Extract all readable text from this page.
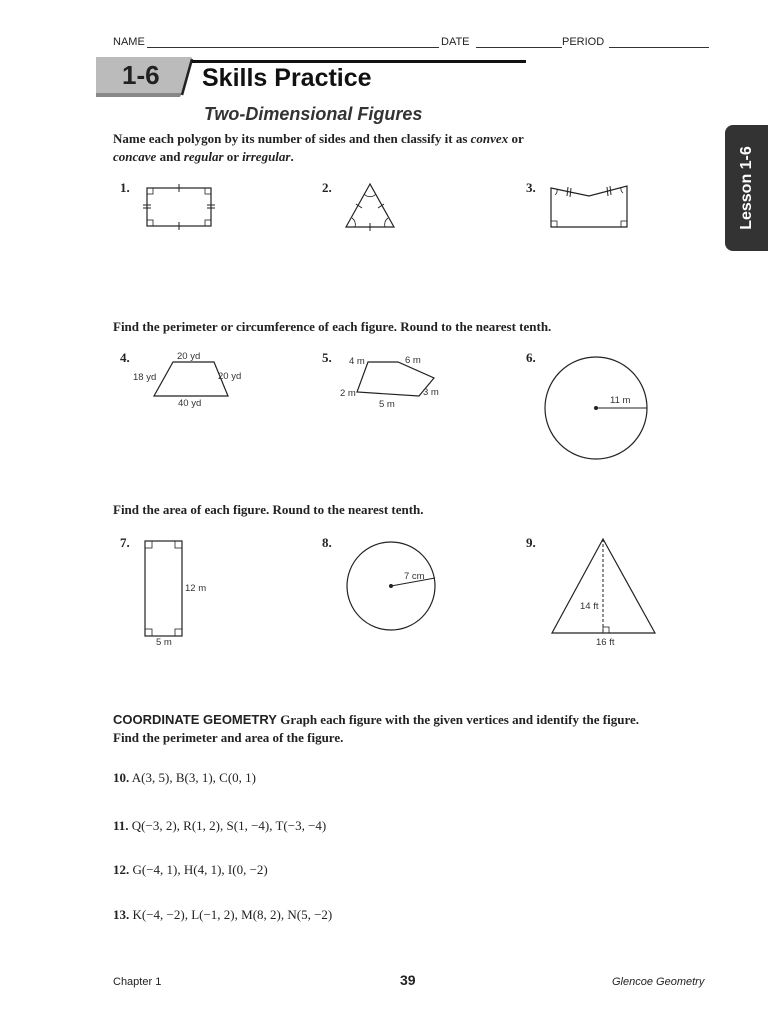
NAME	DATE	PERIOD
1-6 Skills Practice
Two-Dimensional Figures
Lesson 1-6
Name each polygon by its number of sides and then classify it as convex or
concave and regular or irregular.
1.	2.	3.
Find the perimeter or circumference of each figure. Round to the nearest tenth.
4.	5.	6.
20 yd
18 yd	20 yd
40 yd
4 m	6 m
2 m	3 m
5 m	11 m
Find the area of each figure. Round to the nearest tenth.
7.	8.	9.
12 m
5 m
7 cm
14 ft
16 ft
COORDINATE GEOMETRY Graph each figure with the given vertices and identify the figure.
Find the perimeter and area of the figure.
10. A(3, 5), B(3, 1), C(0, 1)
11. Q(−3, 2), R(1, 2), S(1, −4), T(−3, −4)
12. G(−4, 1), H(4, 1), I(0, −2)
13. K(−4, −2), L(−1, 2), M(8, 2), N(5, −2)
Chapter 1	39	Glencoe Geometry
